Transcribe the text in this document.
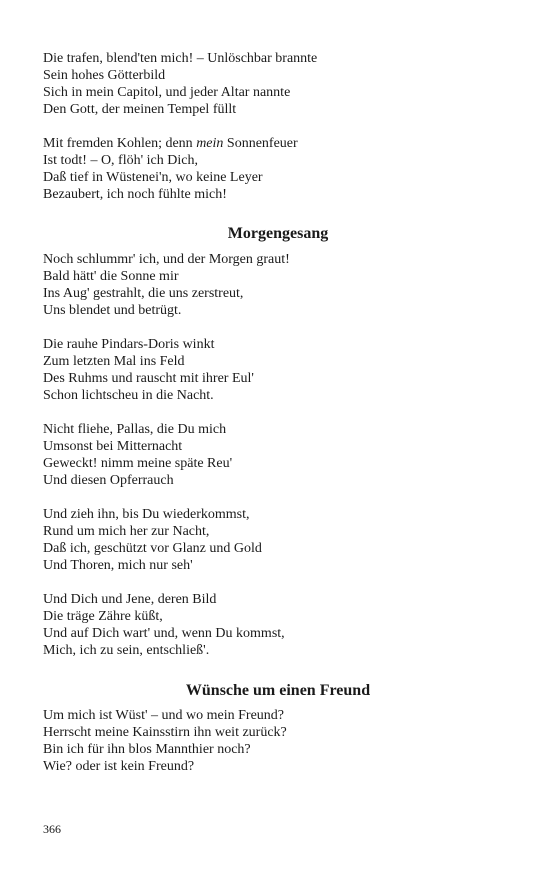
Die trafen, blend'ten mich! – Unlöschbar brannte
Sein hohes Götterbild
Sich in mein Capitol, und jeder Altar nannte
Den Gott, der meinen Tempel füllt
Mit fremden Kohlen; denn mein Sonnenfeuer
Ist todt! – O, flöh' ich Dich,
Daß tief in Wüstenei'n, wo keine Leyer
Bezaubert, ich noch fühlte mich!
Morgengesang
Noch schlummr' ich, und der Morgen graut!
Bald hätt' die Sonne mir
Ins Aug' gestrahlt, die uns zerstreut,
Uns blendet und betrügt.
Die rauhe Pindars-Doris winkt
Zum letzten Mal ins Feld
Des Ruhms und rauscht mit ihrer Eul'
Schon lichtscheu in die Nacht.
Nicht fliehe, Pallas, die Du mich
Umsonst bei Mitternacht
Geweckt! nimm meine späte Reu'
Und diesen Opferrauch
Und zieh ihn, bis Du wiederkommst,
Rund um mich her zur Nacht,
Daß ich, geschützt vor Glanz und Gold
Und Thoren, mich nur seh'
Und Dich und Jene, deren Bild
Die träge Zähre küßt,
Und auf Dich wart' und, wenn Du kommst,
Mich, ich zu sein, entschließ'.
Wünsche um einen Freund
Um mich ist Wüst' – und wo mein Freund?
Herrscht meine Kainsstirn ihn weit zurück?
Bin ich für ihn blos Mannthier noch?
Wie? oder ist kein Freund?
366
